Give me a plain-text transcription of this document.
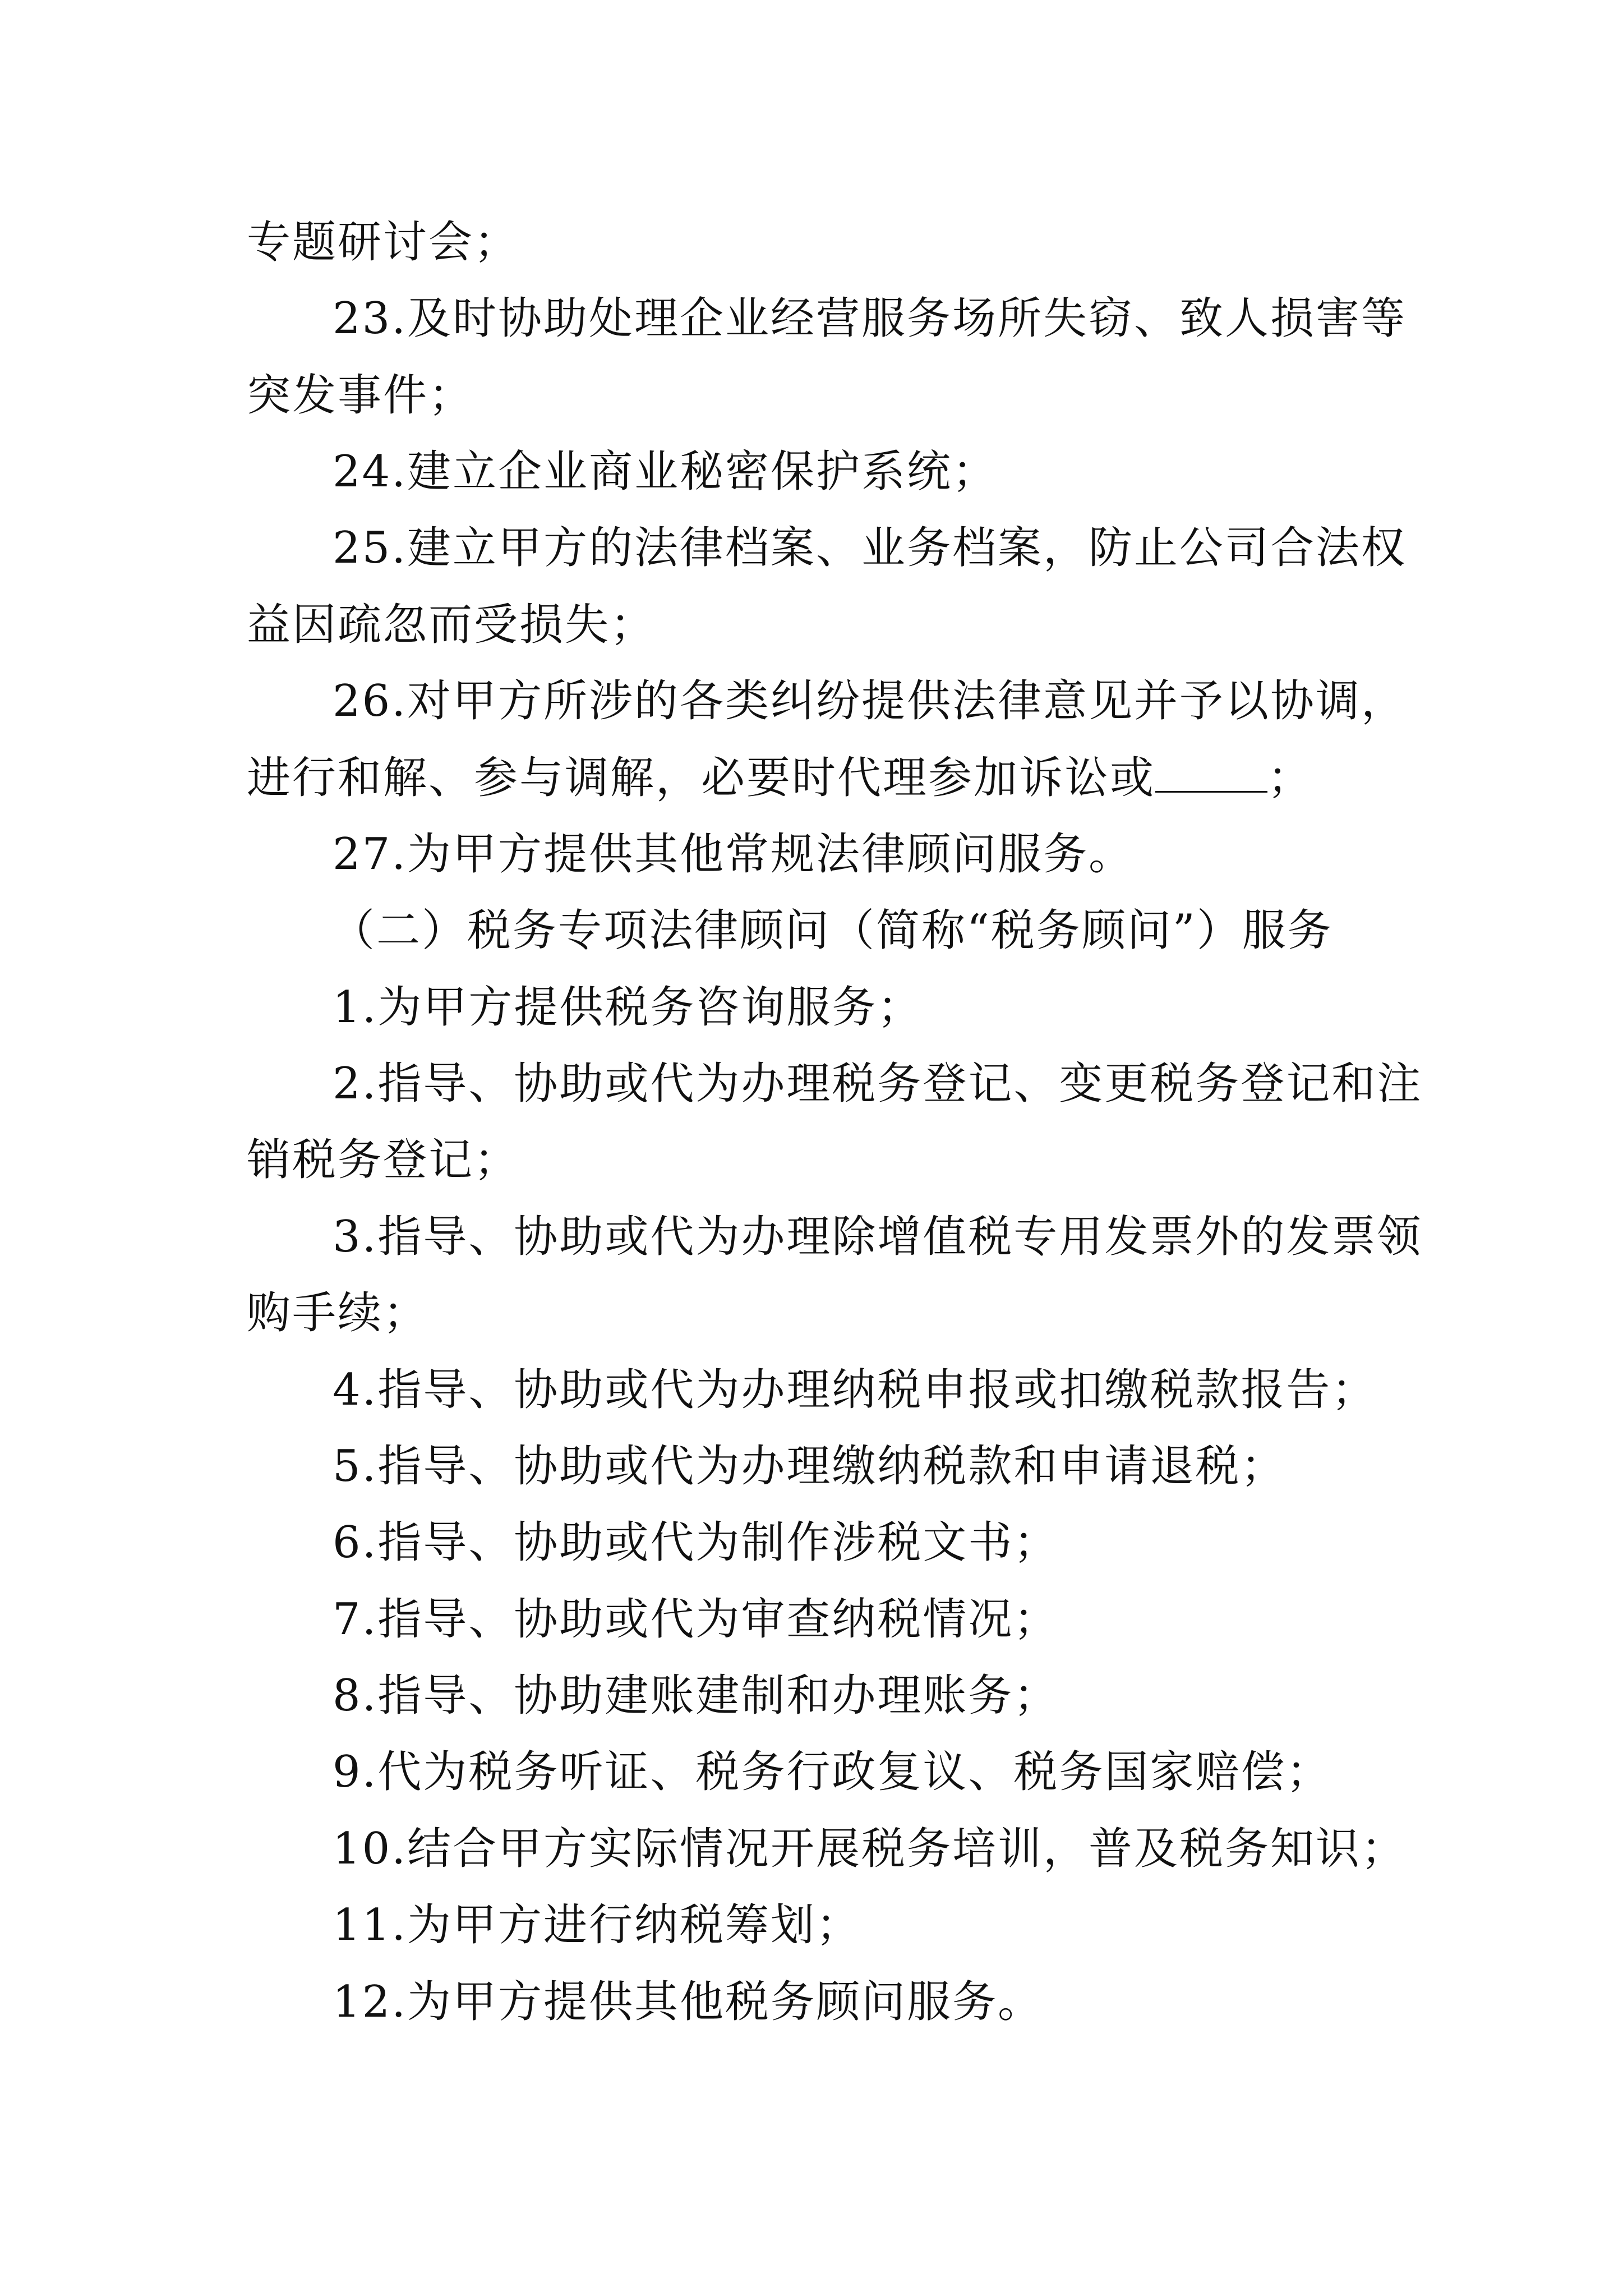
专题研讨会；
23.及时协助处理企业经营服务场所失窃、致人损害等
突发事件；
24.建立企业商业秘密保护系统；
25.建立甲方的法律档案、业务档案，防止公司合法权
益因疏忽而受损失；
26.对甲方所涉的各类纠纷提供法律意见并予以协调，
进行和解、参与调解，必要时代理参加诉讼或	；
27.为甲方提供其他常规法律顾问服务。
（二）税务专项法律顾问（简称“税务顾问”）服务
1.为甲方提供税务咨询服务；
2.指导、协助或代为办理税务登记、变更税务登记和注
销税务登记；
3.指导、协助或代为办理除增值税专用发票外的发票领
购手续；
4.指导、协助或代为办理纳税申报或扣缴税款报告；
5.指导、协助或代为办理缴纳税款和申请退税；
6.指导、协助或代为制作涉税文书；
7.指导、协助或代为审查纳税情况；
8.指导、协助建账建制和办理账务；
9.代为税务听证、税务行政复议、税务国家赔偿；
10.结合甲方实际情况开展税务培训，普及税务知识；
11.为甲方进行纳税筹划；
12.为甲方提供其他税务顾问服务。
